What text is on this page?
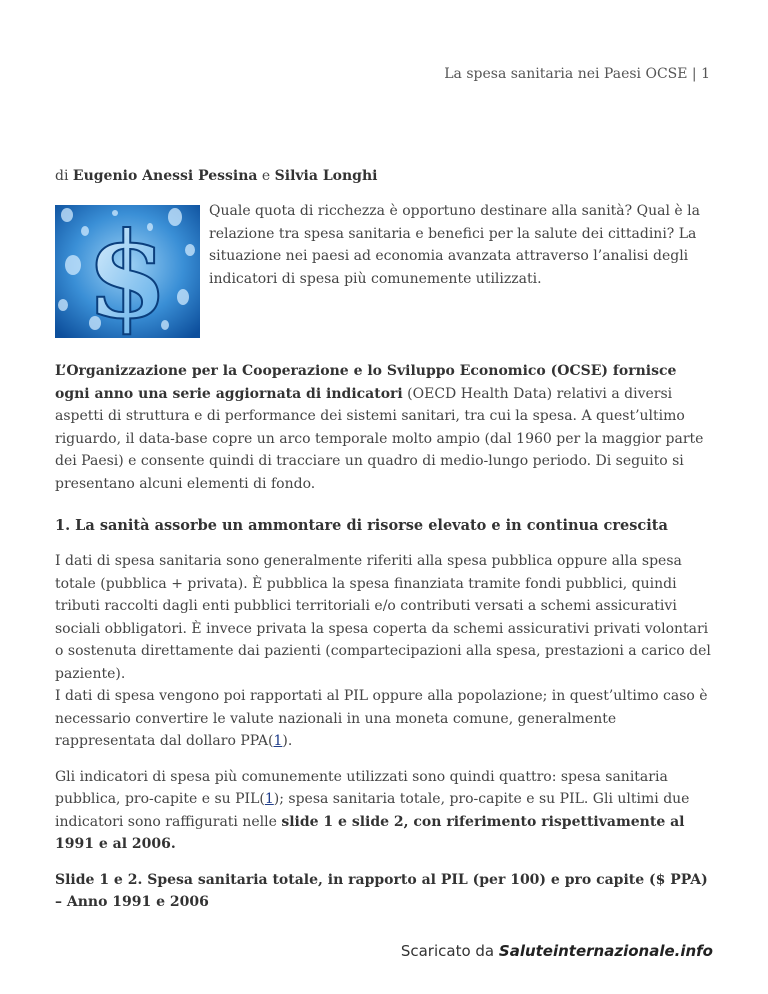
La spesa sanitaria nei Paesi OCSE | 1
di Eugenio Anessi Pessina e Silvia Longhi
$	Quale quota di ricchezza è opportuno destinare alla sanità? Qual è la relazione tra spesa sanitaria e benefici per la salute dei cittadini? La situazione nei paesi ad economia avanzata attraverso l’analisi degli indicatori di spesa più comunemente utilizzati.

L’Organizzazione per la Cooperazione e lo Sviluppo Economico (OCSE) fornisce ogni anno una serie aggiornata di indicatori (OECD Health Data) relativi a diversi aspetti di struttura e di performance dei sistemi sanitari, tra cui la spesa. A quest’ultimo riguardo, il data-base copre un arco temporale molto ampio (dal 1960 per la maggior parte dei Paesi) e consente quindi di tracciare un quadro di medio-lungo periodo. Di seguito si presentano alcuni elementi di fondo.

1. La sanità assorbe un ammontare di risorse elevato e in continua crescita

I dati di spesa sanitaria sono generalmente riferiti alla spesa pubblica oppure alla spesa totale (pubblica + privata). È pubblica la spesa finanziata tramite fondi pubblici, quindi tributi raccolti dagli enti pubblici territoriali e/o contributi versati a schemi assicurativi sociali obbligatori. È invece privata la spesa coperta da schemi assicurativi privati volontari o sostenuta direttamente dai pazienti (compartecipazioni alla spesa, prestazioni a carico del paziente).
I dati di spesa vengono poi rapportati al PIL oppure alla popolazione; in quest’ultimo caso è necessario convertire le valute nazionali in una moneta comune, generalmente rappresentata dal dollaro PPA(1).

Gli indicatori di spesa più comunemente utilizzati sono quindi quattro: spesa sanitaria pubblica, pro-capite e su PIL(1); spesa sanitaria totale, pro-capite e su PIL. Gli ultimi due indicatori sono raffigurati nelle slide 1 e slide 2, con riferimento rispettivamente al 1991 e al 2006.

Slide 1 e 2. Spesa sanitaria totale, in rapporto al PIL (per 100) e pro capite ($ PPA) – Anno 1991 e 2006

Scaricato da Saluteinternazionale.info
